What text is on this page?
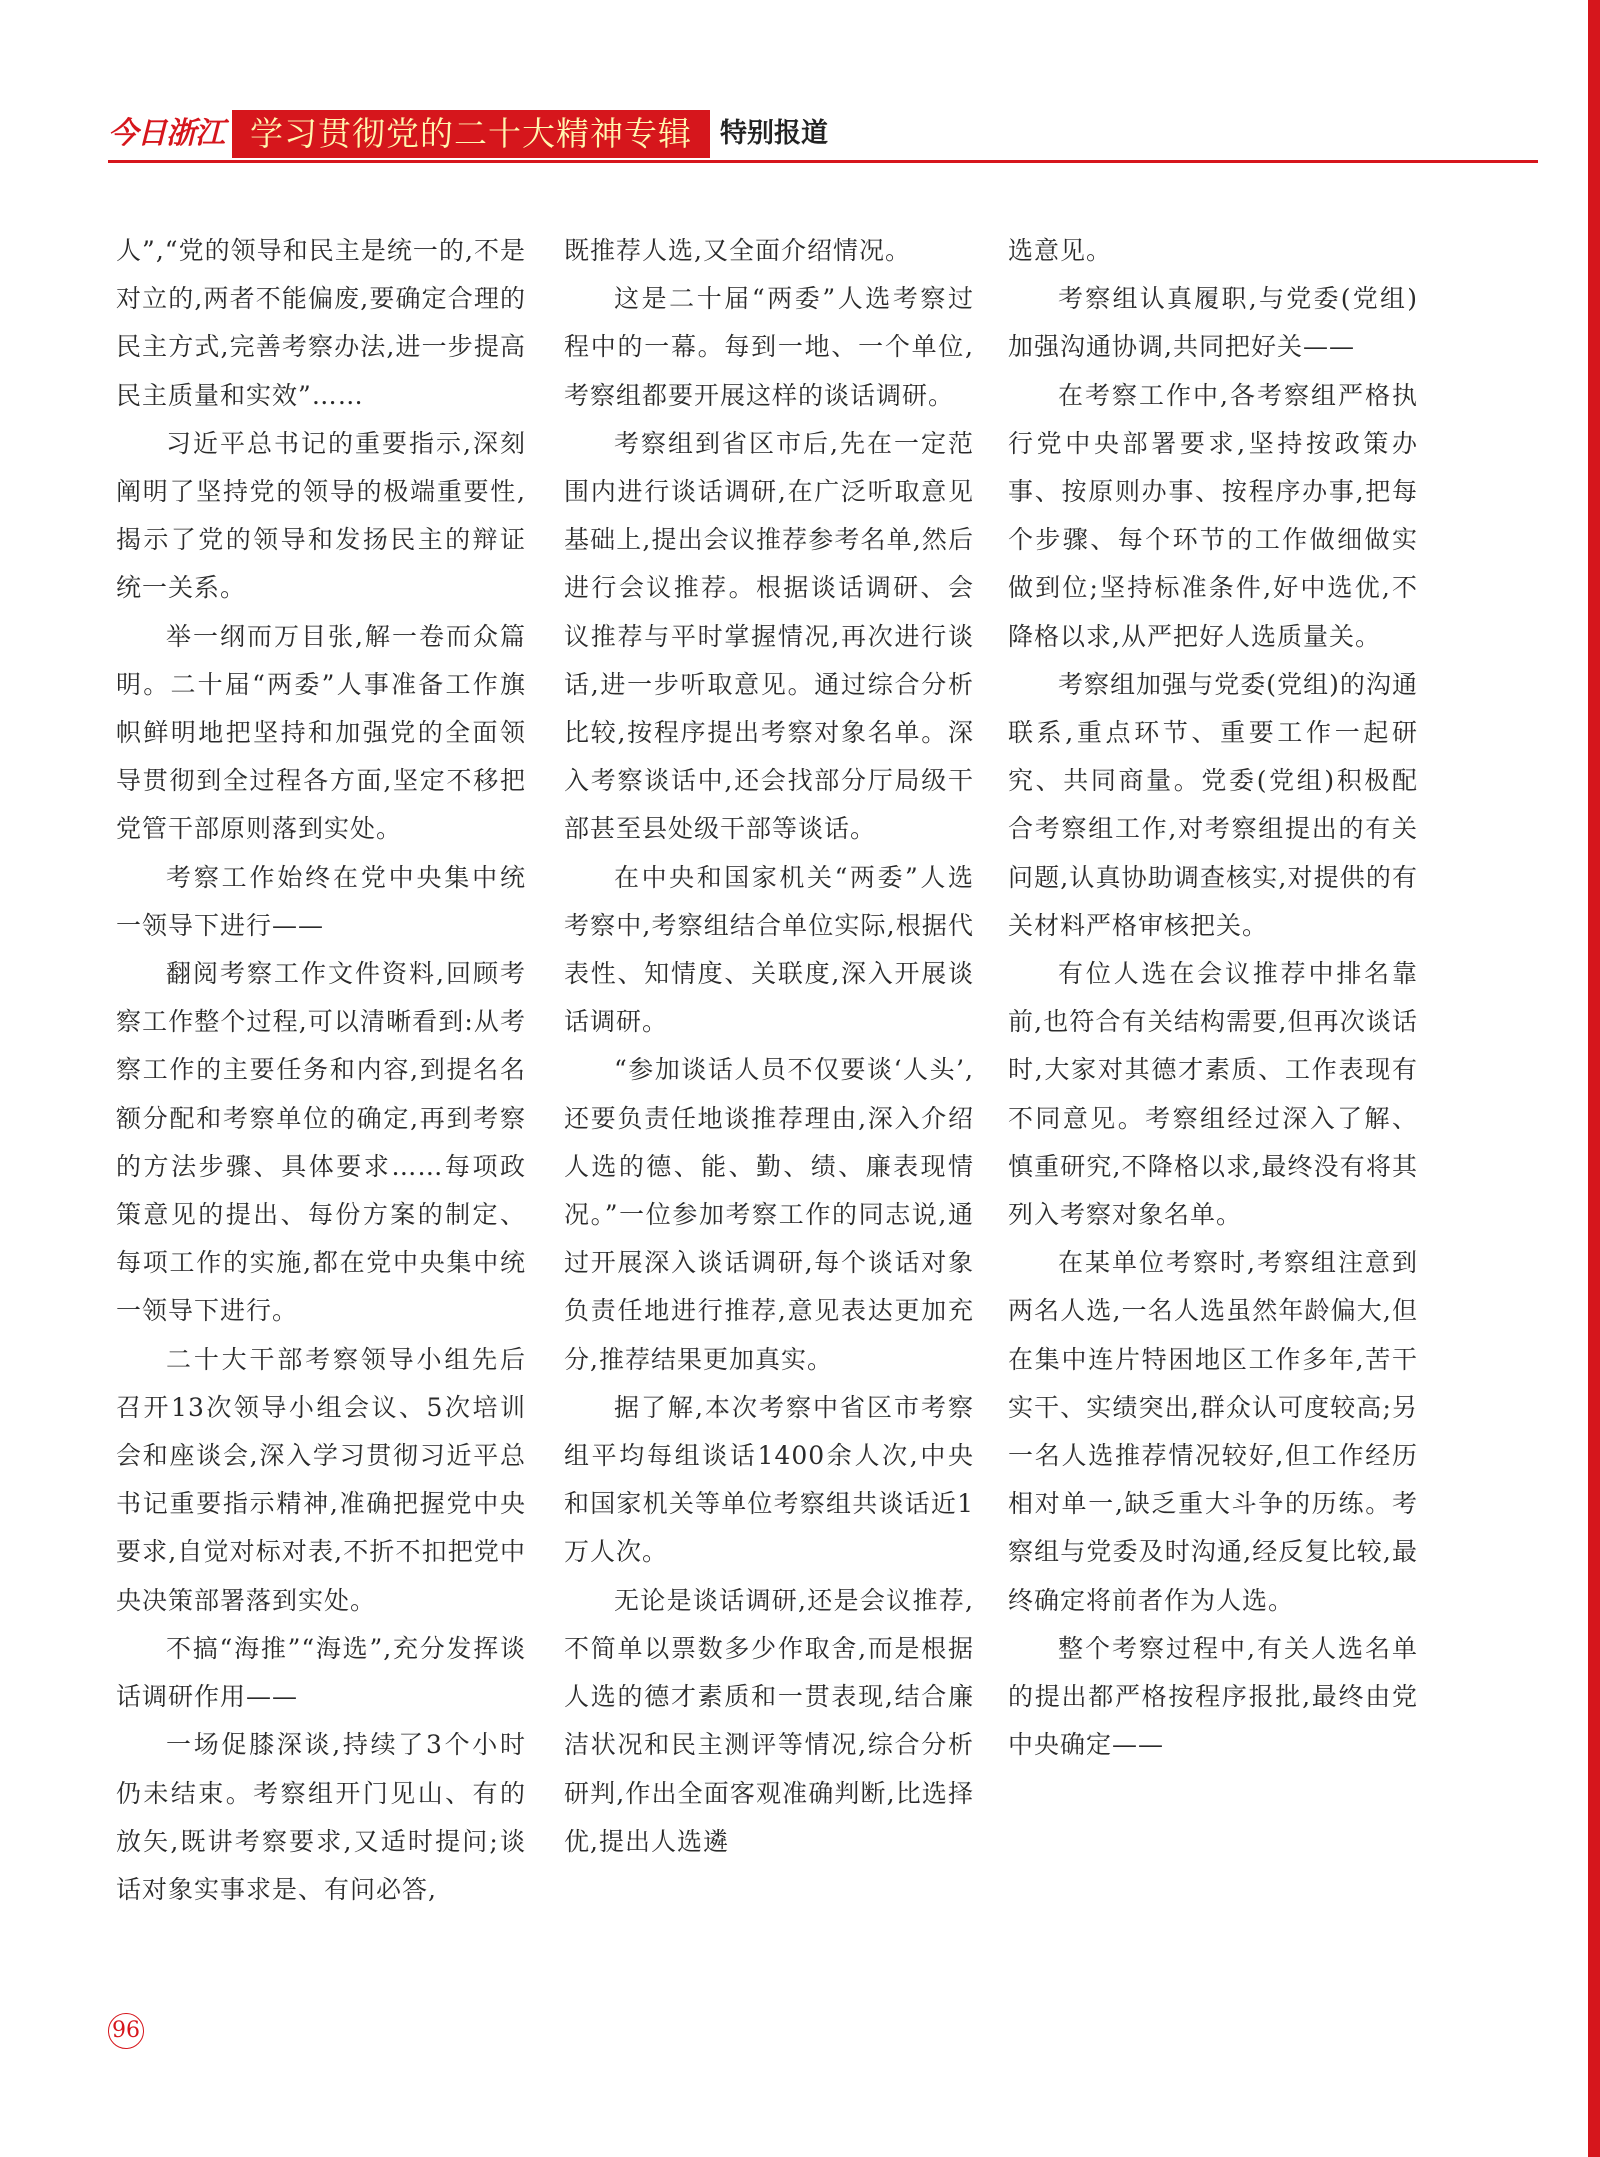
今日浙江 学习贯彻党的二十大精神专辑	特别报道

人”,“党的领导和民主是统一的,不是对立的,两者不能偏废,要确定合理的民主方式,完善考察办法,进一步提高民主质量和实效”……

习近平总书记的重要指示,深刻阐明了坚持党的领导的极端重要性,揭示了党的领导和发扬民主的辩证统一关系。

举一纲而万目张,解一卷而众篇明。二十届“两委”人事准备工作旗帜鲜明地把坚持和加强党的全面领导贯彻到全过程各方面,坚定不移把党管干部原则落到实处。

考察工作始终在党中央集中统一领导下进行——

翻阅考察工作文件资料,回顾考察工作整个过程,可以清晰看到:从考察工作的主要任务和内容,到提名名额分配和考察单位的确定,再到考察的方法步骤、具体要求……每项政策意见的提出、每份方案的制定、每项工作的实施,都在党中央集中统一领导下进行。

二十大干部考察领导小组先后召开13次领导小组会议、5次培训会和座谈会,深入学习贯彻习近平总书记重要指示精神,准确把握党中央要求,自觉对标对表,不折不扣把党中央决策部署落到实处。

不搞“海推”“海选”,充分发挥谈话调研作用——

一场促膝深谈,持续了3个小时仍未结束。考察组开门见山、有的放矢,既讲考察要求,又适时提问;谈话对象实事求是、有问必答,

既推荐人选,又全面介绍情况。

这是二十届“两委”人选考察过程中的一幕。每到一地、一个单位,考察组都要开展这样的谈话调研。

考察组到省区市后,先在一定范围内进行谈话调研,在广泛听取意见基础上,提出会议推荐参考名单,然后进行会议推荐。根据谈话调研、会议推荐与平时掌握情况,再次进行谈话,进一步听取意见。通过综合分析比较,按程序提出考察对象名单。深入考察谈话中,还会找部分厅局级干部甚至县处级干部等谈话。

在中央和国家机关“两委”人选考察中,考察组结合单位实际,根据代表性、知情度、关联度,深入开展谈话调研。

“参加谈话人员不仅要谈‘人头’,还要负责任地谈推荐理由,深入介绍人选的德、能、勤、绩、廉表现情况。”一位参加考察工作的同志说,通过开展深入谈话调研,每个谈话对象负责任地进行推荐,意见表达更加充分,推荐结果更加真实。

据了解,本次考察中省区市考察组平均每组谈话1400余人次,中央和国家机关等单位考察组共谈话近1万人次。

无论是谈话调研,还是会议推荐,不简单以票数多少作取舍,而是根据人选的德才素质和一贯表现,结合廉洁状况和民主测评等情况,综合分析研判,作出全面客观准确判断,比选择优,提出人选遴

选意见。

考察组认真履职,与党委(党组)加强沟通协调,共同把好关——

在考察工作中,各考察组严格执行党中央部署要求,坚持按政策办事、按原则办事、按程序办事,把每个步骤、每个环节的工作做细做实做到位;坚持标准条件,好中选优,不降格以求,从严把好人选质量关。

考察组加强与党委(党组)的沟通联系,重点环节、重要工作一起研究、共同商量。党委(党组)积极配合考察组工作,对考察组提出的有关问题,认真协助调查核实,对提供的有关材料严格审核把关。

有位人选在会议推荐中排名靠前,也符合有关结构需要,但再次谈话时,大家对其德才素质、工作表现有不同意见。考察组经过深入了解、慎重研究,不降格以求,最终没有将其列入考察对象名单。

在某单位考察时,考察组注意到两名人选,一名人选虽然年龄偏大,但在集中连片特困地区工作多年,苦干实干、实绩突出,群众认可度较高;另一名人选推荐情况较好,但工作经历相对单一,缺乏重大斗争的历练。考察组与党委及时沟通,经反复比较,最终确定将前者作为人选。

整个考察过程中,有关人选名单的提出都严格按程序报批,最终由党中央确定——

96
